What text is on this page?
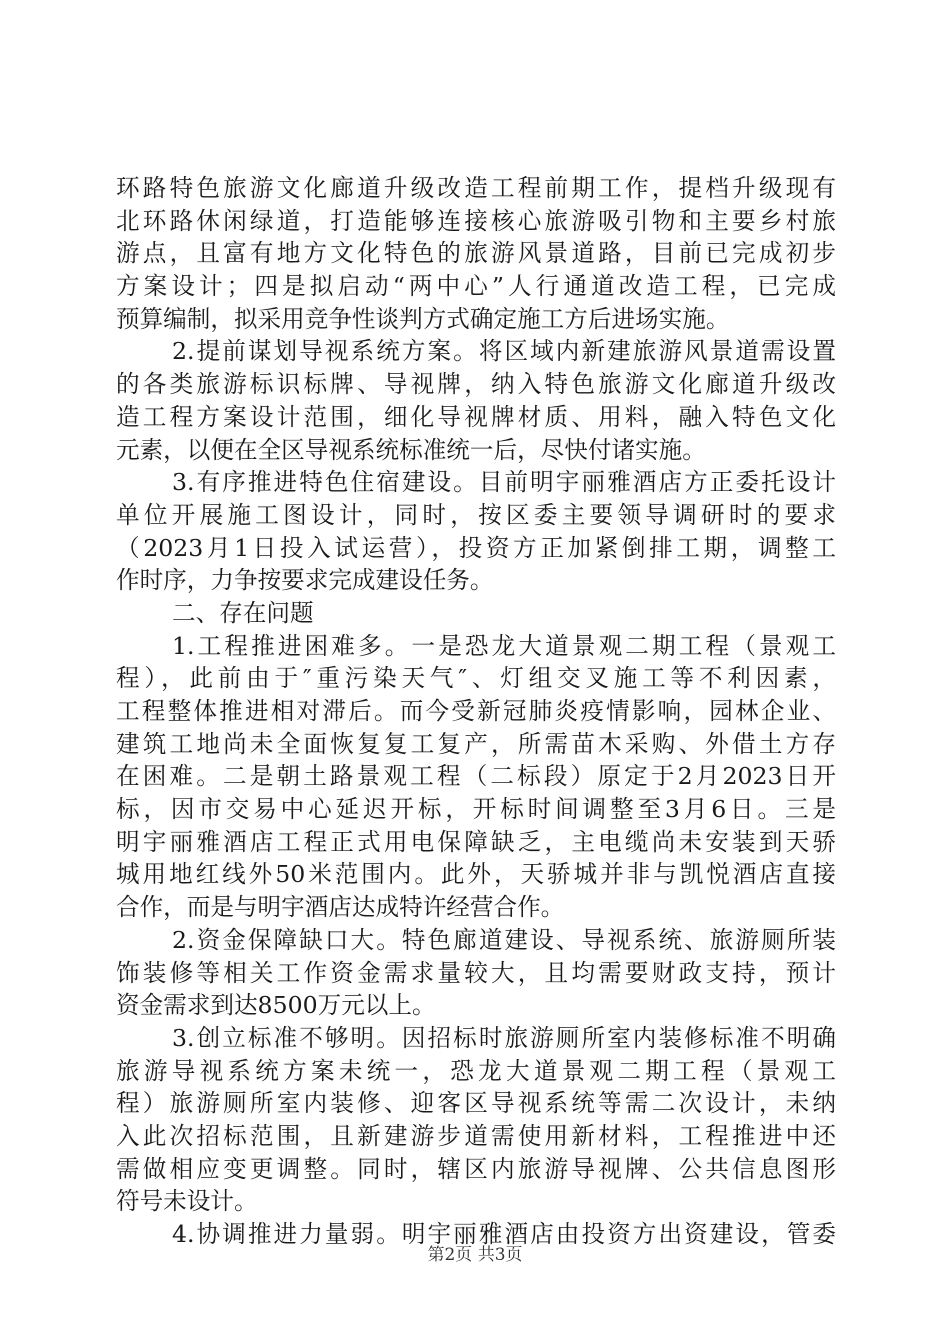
环路特色旅游文化廊道升级改造工程前期工作，提档升级现有
北环路休闲绿道，打造能够连接核心旅游吸引物和主要乡村旅
游点，且富有地方文化特色的旅游风景道路，目前已完成初步
方案设计；四是拟启动“两中心”人行通道改造工程，已完成
预算编制，拟采用竞争性谈判方式确定施工方后进场实施。
2.提前谋划导视系统方案。将区域内新建旅游风景道需设置
的各类旅游标识标牌、导视牌，纳入特色旅游文化廊道升级改
造工程方案设计范围，细化导视牌材质、用料，融入特色文化
元素，以便在全区导视系统标准统一后，尽快付诸实施。
3.有序推进特色住宿建设。目前明宇丽雅酒店方正委托设计
单位开展施工图设计，同时，按区委主要领导调研时的要求
（2023月1日投入试运营），投资方正加紧倒排工期，调整工
作时序，力争按要求完成建设任务。
二、存在问题
1.工程推进困难多。一是恐龙大道景观二期工程（景观工
程），此前由于″重污染天气″、灯组交叉施工等不利因素，
工程整体推进相对滞后。而今受新冠肺炎疫情影响，园林企业、
建筑工地尚未全面恢复复工复产，所需苗木采购、外借土方存
在困难。二是朝土路景观工程（二标段）原定于2月2023日开
标，因市交易中心延迟开标，开标时间调整至3月6日。三是
明宇丽雅酒店工程正式用电保障缺乏，主电缆尚未安装到天骄
城用地红线外50米范围内。此外，天骄城并非与凯悦酒店直接
合作，而是与明宇酒店达成特许经营合作。
2.资金保障缺口大。特色廊道建设、导视系统、旅游厕所装
饰装修等相关工作资金需求量较大，且均需要财政支持，预计
资金需求到达8500万元以上。
3.创立标准不够明。因招标时旅游厕所室内装修标准不明确
旅游导视系统方案未统一，恐龙大道景观二期工程（景观工
程）旅游厕所室内装修、迎客区导视系统等需二次设计，未纳
入此次招标范围，且新建游步道需使用新材料，工程推进中还
需做相应变更调整。同时，辖区内旅游导视牌、公共信息图形
符号未设计。
4.协调推进力量弱。明宇丽雅酒店由投资方出资建设，管委
第2页 共3页
